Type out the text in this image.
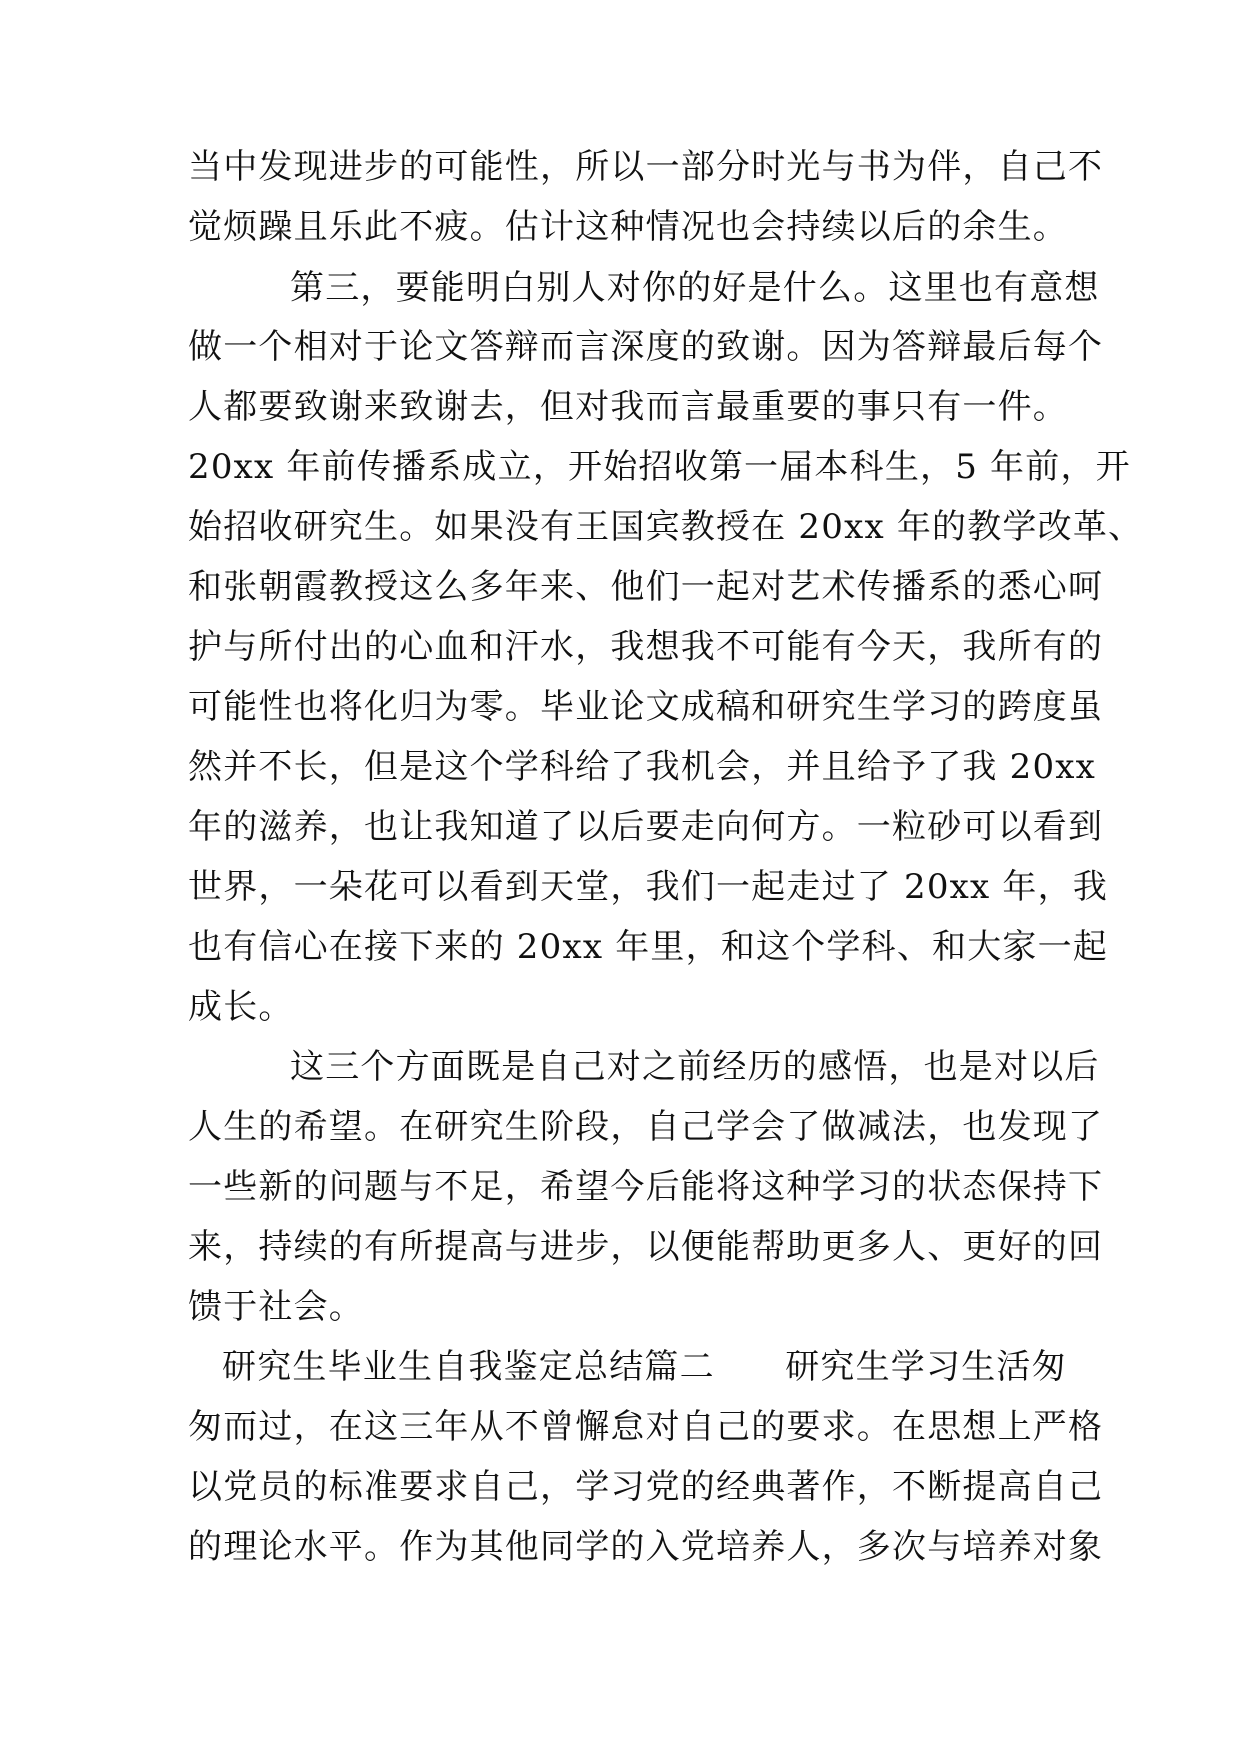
当中发现进步的可能性，所以一部分时光与书为伴，自己不
觉烦躁且乐此不疲。估计这种情况也会持续以后的余生。
第三，要能明白别人对你的好是什么。这里也有意想
做一个相对于论文答辩而言深度的致谢。因为答辩最后每个
人都要致谢来致谢去，但对我而言最重要的事只有一件。
20xx 年前传播系成立，开始招收第一届本科生，5 年前，开
始招收研究生。如果没有王国宾教授在 20xx 年的教学改革、
和张朝霞教授这么多年来、他们一起对艺术传播系的悉心呵
护与所付出的心血和汗水，我想我不可能有今天，我所有的
可能性也将化归为零。毕业论文成稿和研究生学习的跨度虽
然并不长，但是这个学科给了我机会，并且给予了我 20xx
年的滋养，也让我知道了以后要走向何方。一粒砂可以看到
世界，一朵花可以看到天堂，我们一起走过了 20xx 年，我
也有信心在接下来的 20xx 年里，和这个学科、和大家一起
成长。
这三个方面既是自己对之前经历的感悟，也是对以后
人生的希望。在研究生阶段，自己学会了做减法，也发现了
一些新的问题与不足，希望今后能将这种学习的状态保持下
来，持续的有所提高与进步，以便能帮助更多人、更好的回
馈于社会。
研究生毕业生自我鉴定总结篇二　　研究生学习生活匆
匆而过，在这三年从不曾懈怠对自己的要求。在思想上严格
以党员的标准要求自己，学习党的经典著作，不断提高自己
的理论水平。作为其他同学的入党培养人，多次与培养对象
